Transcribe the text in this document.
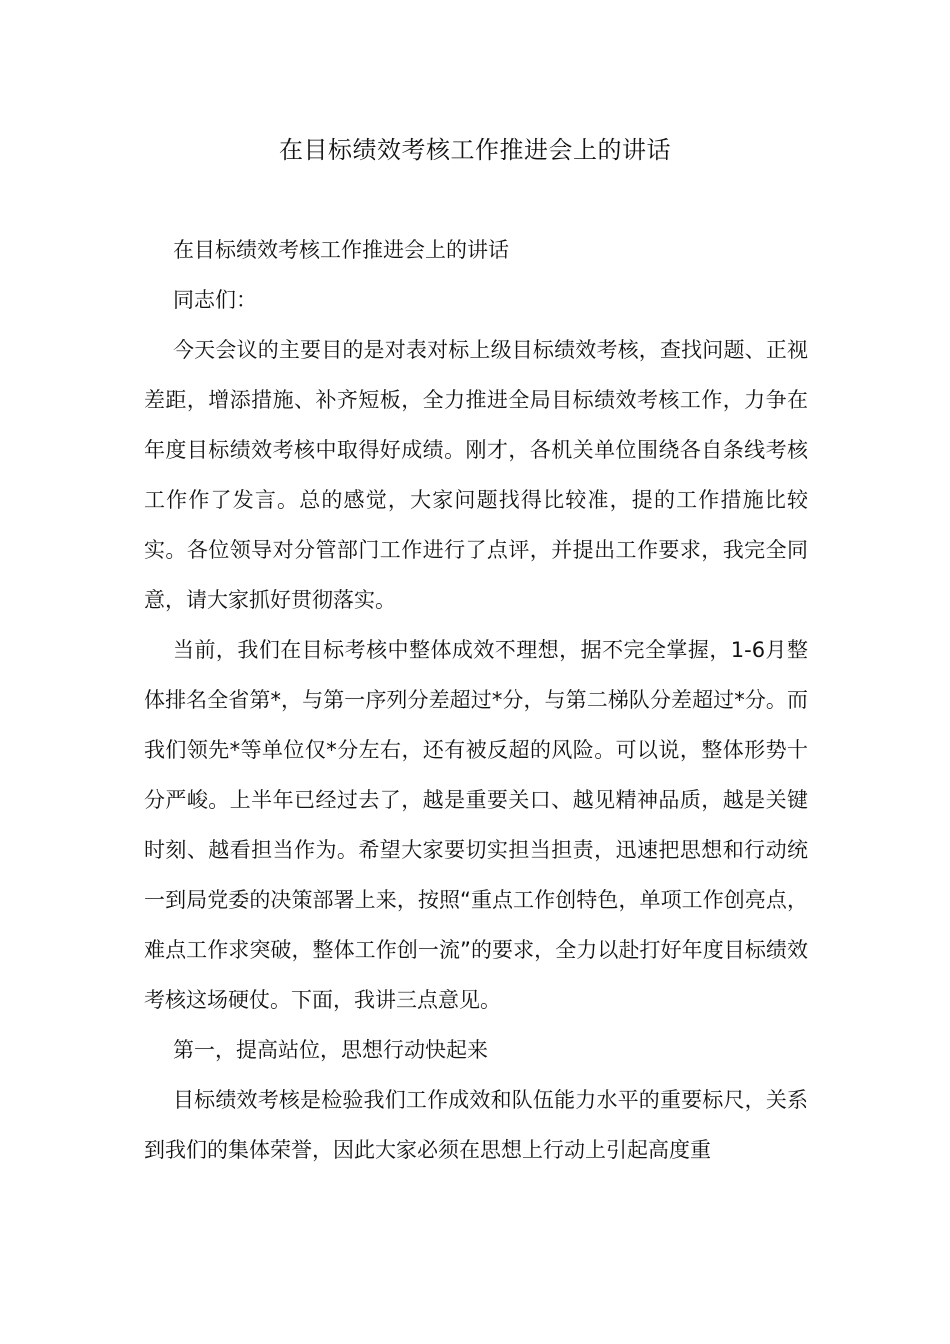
在目标绩效考核工作推进会上的讲话

在目标绩效考核工作推进会上的讲话

同志们：

今天会议的主要目的是对表对标上级目标绩效考核，查找问题、正视差距，增添措施、补齐短板，全力推进全局目标绩效考核工作，力争在年度目标绩效考核中取得好成绩。刚才，各机关单位围绕各自条线考核工作作了发言。总的感觉，大家问题找得比较准，提的工作措施比较实。各位领导对分管部门工作进行了点评，并提出工作要求，我完全同意，请大家抓好贯彻落实。

当前，我们在目标考核中整体成效不理想，据不完全掌握，1-6月整体排名全省第*，与第一序列分差超过*分，与第二梯队分差超过*分。而我们领先*等单位仅*分左右，还有被反超的风险。可以说，整体形势十分严峻。上半年已经过去了，越是重要关口、越见精神品质，越是关键时刻、越看担当作为。希望大家要切实担当担责，迅速把思想和行动统一到局党委的决策部署上来，按照“重点工作创特色，单项工作创亮点，难点工作求突破，整体工作创一流”的要求，全力以赴打好年度目标绩效考核这场硬仗。下面，我讲三点意见。

第一，提高站位，思想行动快起来

目标绩效考核是检验我们工作成效和队伍能力水平的重要标尺，关系到我们的集体荣誉，因此大家必须在思想上行动上引起高度重
